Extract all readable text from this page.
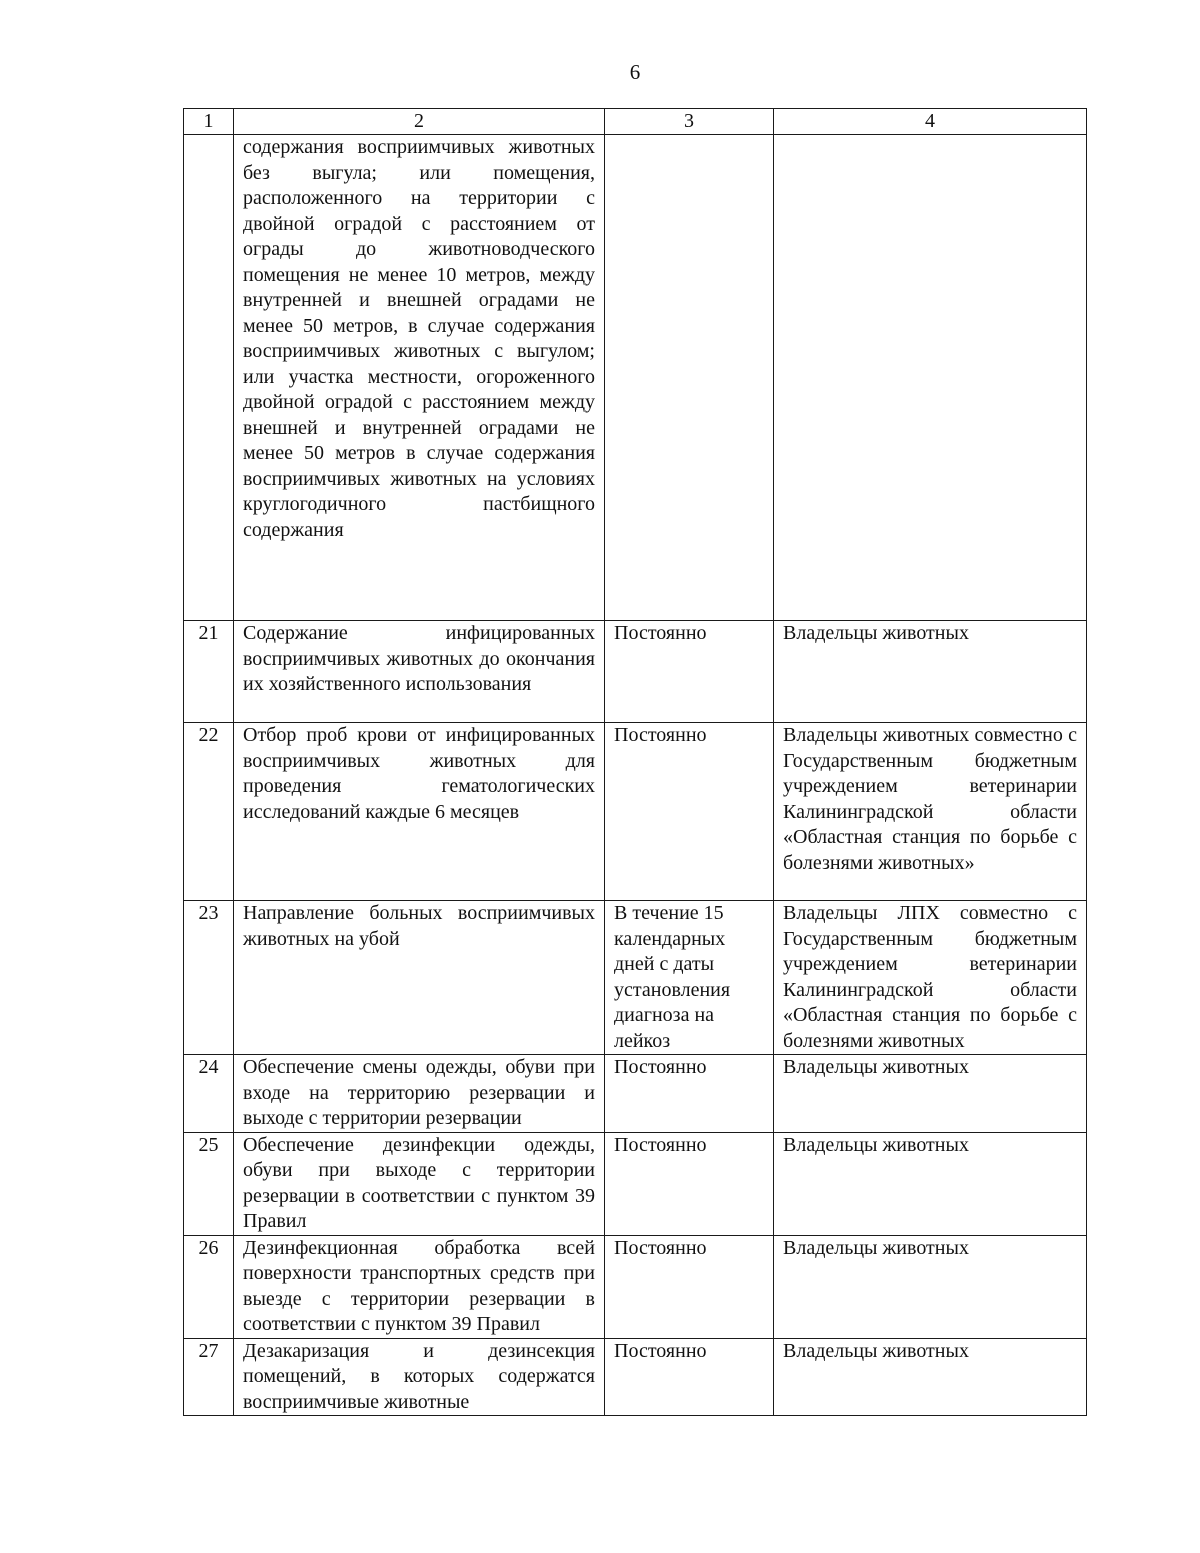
6
1	2	3	4
	содержания восприимчивых животных без выгула; или помещения, расположенного на территории с двойной оградой с расстоянием от ограды до животноводческого помещения не менее 10 метров, между внутренней и внешней оградами не менее 50 метров, в случае содержания восприимчивых животных с выгулом; или участка местности, огороженного двойной оградой с расстоянием между внешней и внутренней оградами не менее 50 метров в случае содержания восприимчивых животных на условиях круглогодичного пастбищного содержания		
21	Содержание инфицированных восприимчивых животных до окончания их хозяйственного использования	Постоянно	Владельцы животных
22	Отбор проб крови от инфицированных восприимчивых животных для проведения гематологических исследований каждые 6 месяцев	Постоянно	Владельцы животных совместно с Государственным бюджетным учреждением ветеринарии Калининградской области «Областная станция по борьбе с болезнями животных»
23	Направление больных восприимчивых животных на убой	В течение 15 календарных дней с даты установления диагноза на лейкоз	Владельцы ЛПХ совместно с Государственным бюджетным учреждением ветеринарии Калининградской области «Областная станция по борьбе с болезнями животных
24	Обеспечение смены одежды, обуви при входе на территорию резервации и выходе с территории резервации	Постоянно	Владельцы животных
25	Обеспечение дезинфекции одежды, обуви при выходе с территории резервации в соответствии с пунктом 39 Правил	Постоянно	Владельцы животных
26	Дезинфекционная обработка всей поверхности транспортных средств при выезде с территории резервации в соответствии с пунктом 39 Правил	Постоянно	Владельцы животных
27	Дезакаризация и дезинсекция помещений, в которых содержатся восприимчивые животные	Постоянно	Владельцы животных
